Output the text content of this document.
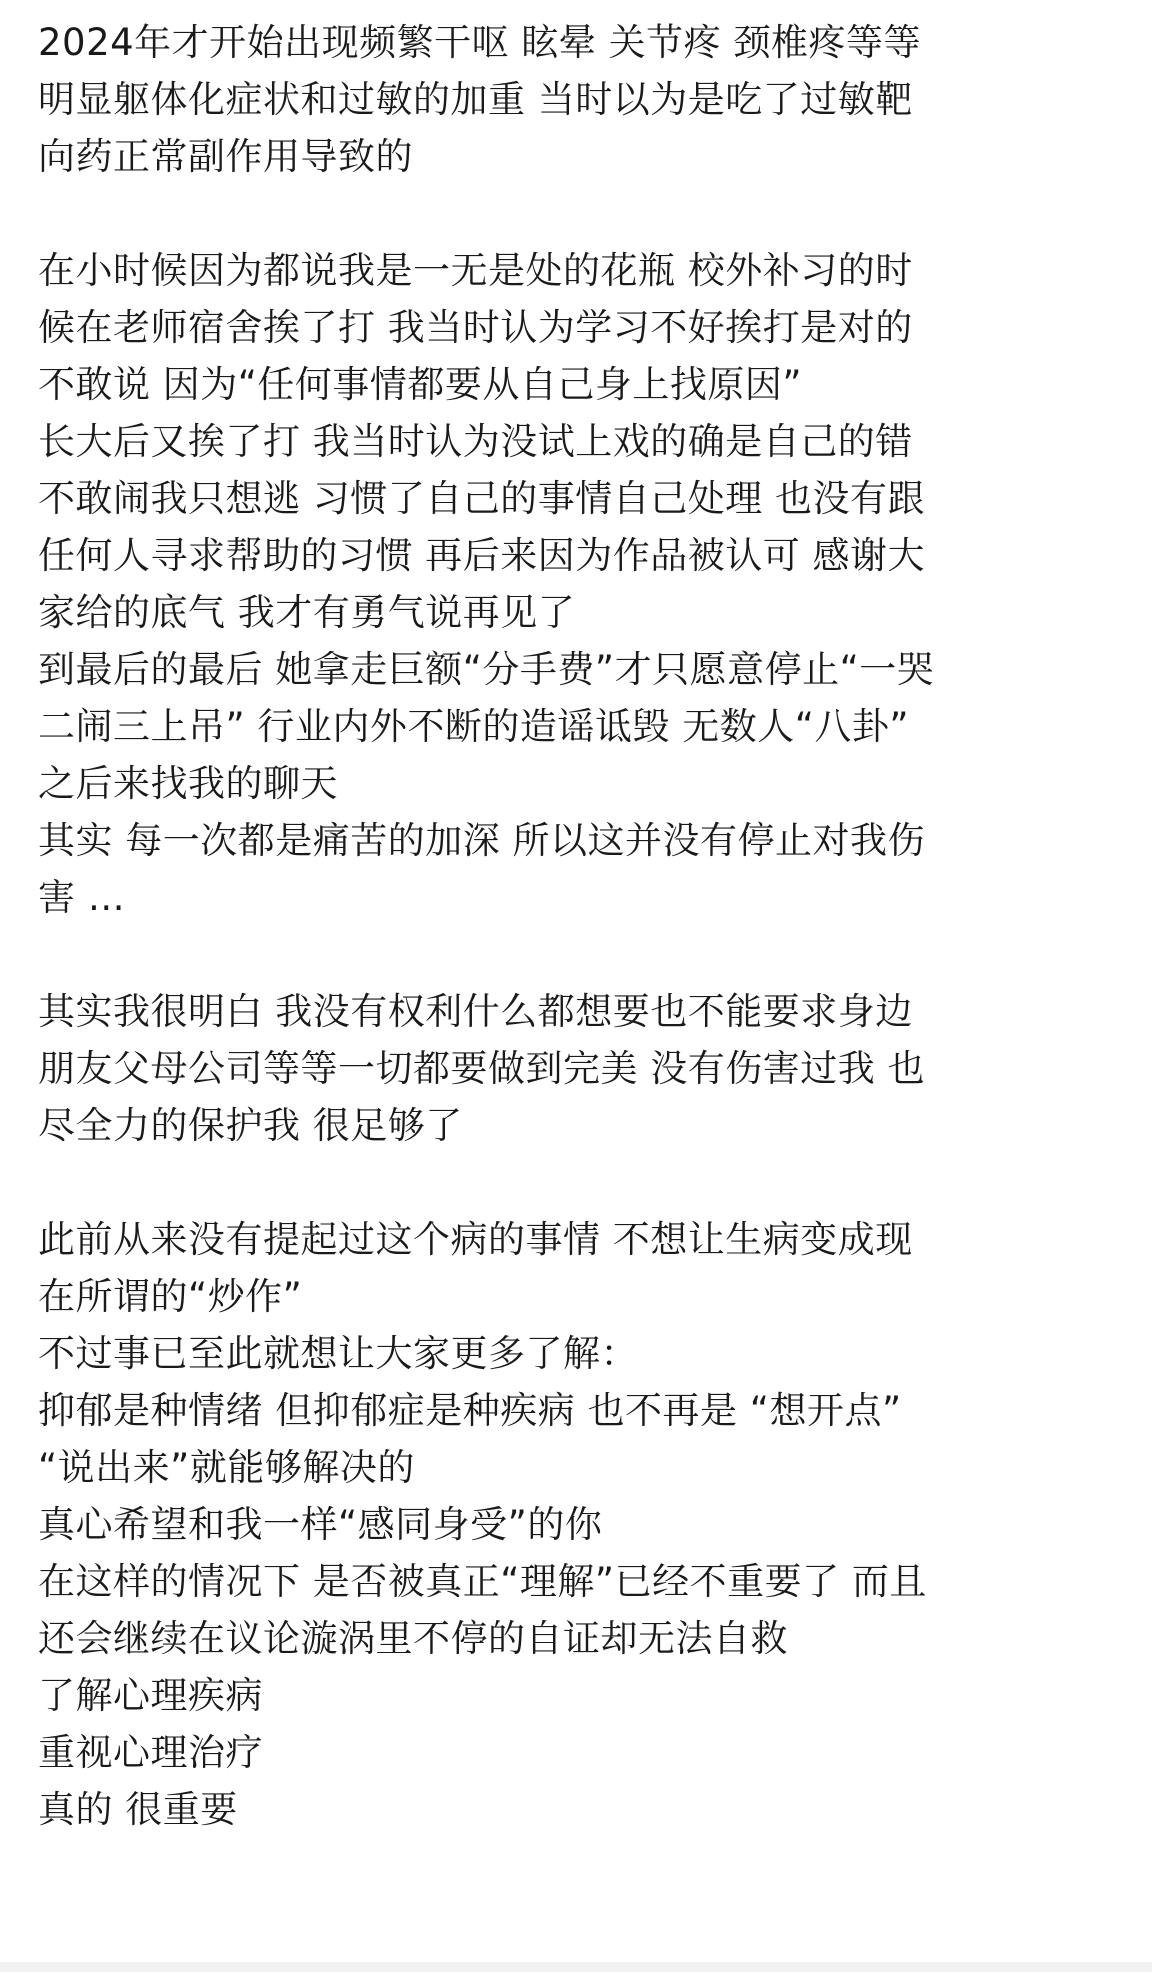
2024年才开始出现频繁干呕 眩晕 关节疼 颈椎疼等等
明显躯体化症状和过敏的加重 当时以为是吃了过敏靶
向药正常副作用导致的
在小时候因为都说我是一无是处的花瓶 校外补习的时
候在老师宿舍挨了打 我当时认为学习不好挨打是对的
不敢说 因为“任何事情都要从自己身上找原因”
长大后又挨了打 我当时认为没试上戏的确是自己的错
不敢闹我只想逃 习惯了自己的事情自己处理 也没有跟
任何人寻求帮助的习惯 再后来因为作品被认可 感谢大
家给的底气 我才有勇气说再见了
到最后的最后 她拿走巨额“分手费”才只愿意停止“一哭
二闹三上吊” 行业内外不断的造谣诋毁 无数人“八卦”
之后来找我的聊天
其实 每一次都是痛苦的加深 所以这并没有停止对我伤
害 …
其实我很明白 我没有权利什么都想要也不能要求身边
朋友父母公司等等一切都要做到完美 没有伤害过我 也
尽全力的保护我 很足够了
此前从来没有提起过这个病的事情 不想让生病变成现
在所谓的“炒作”
不过事已至此就想让大家更多了解：
抑郁是种情绪 但抑郁症是种疾病 也不再是 “想开点”
“说出来”就能够解决的
真心希望和我一样“感同身受”的你
在这样的情况下 是否被真正“理解”已经不重要了 而且
还会继续在议论漩涡里不停的自证却无法自救
了解心理疾病
重视心理治疗
真的 很重要
